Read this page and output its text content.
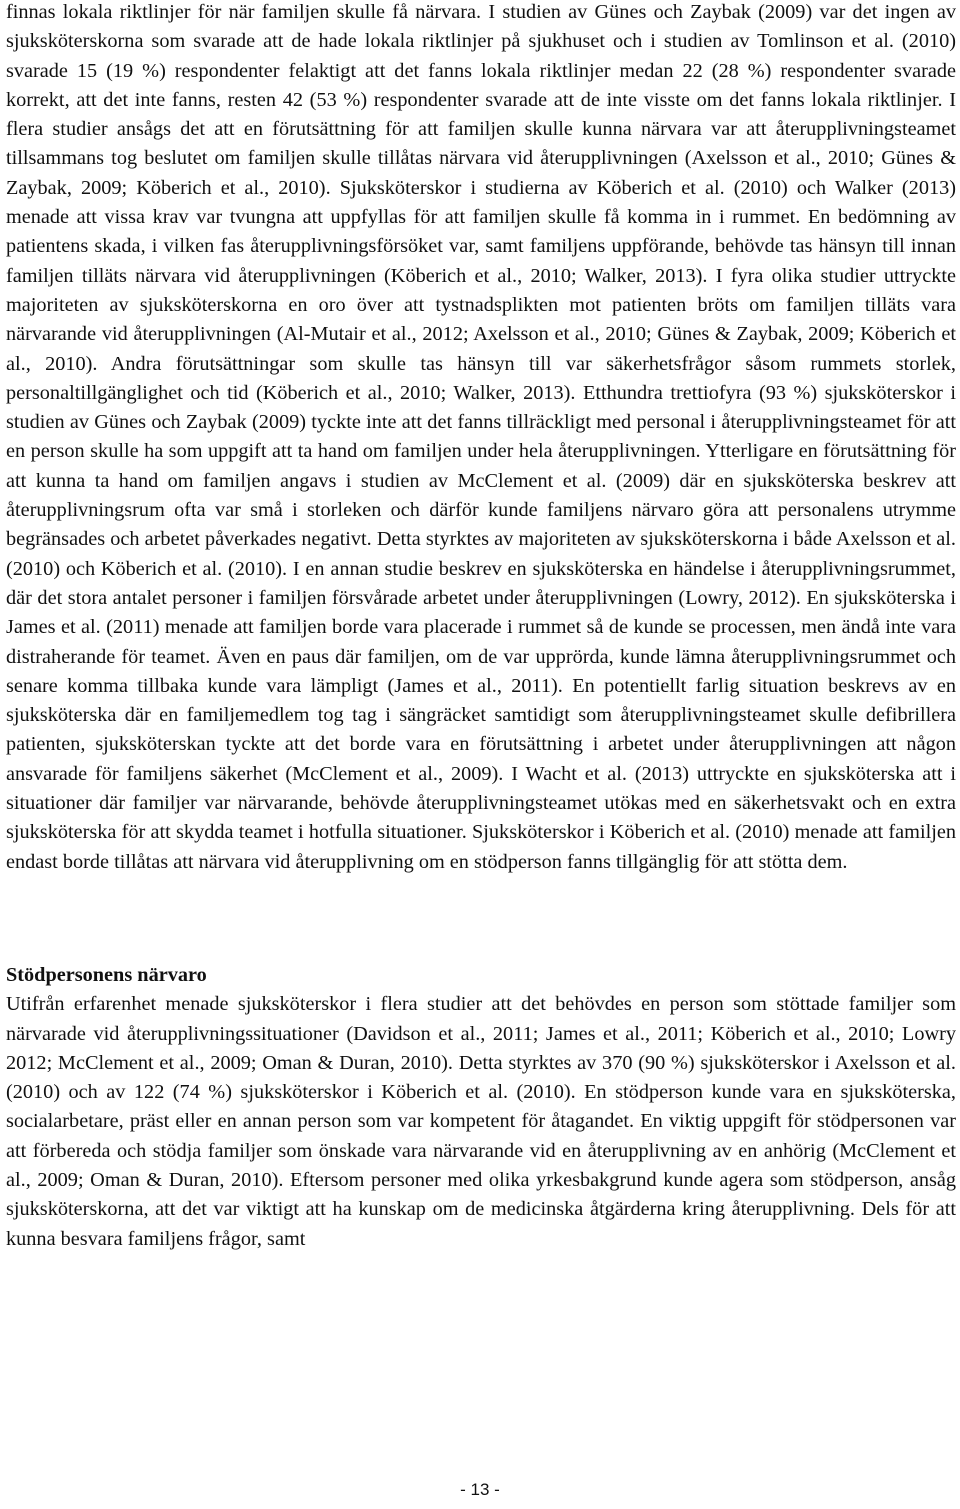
finnas lokala riktlinjer för när familjen skulle få närvara. I studien av Günes och Zaybak (2009) var det ingen av sjuksköterskorna som svarade att de hade lokala riktlinjer på sjukhuset och i studien av Tomlinson et al. (2010) svarade 15 (19 %) respondenter felaktigt att det fanns lokala riktlinjer medan 22 (28 %) respondenter svarade korrekt, att det inte fanns, resten 42 (53 %) respondenter svarade att de inte visste om det fanns lokala riktlinjer. I flera studier ansågs det att en förutsättning för att familjen skulle kunna närvara var att återupplivningsteamet tillsammans tog beslutet om familjen skulle tillåtas närvara vid återupplivningen (Axelsson et al., 2010; Günes & Zaybak, 2009; Köberich et al., 2010). Sjuksköterskor i studierna av Köberich et al. (2010) och Walker (2013) menade att vissa krav var tvungna att uppfyllas för att familjen skulle få komma in i rummet. En bedömning av patientens skada, i vilken fas återupplivningsförsöket var, samt familjens uppförande, behövde tas hänsyn till innan familjen tilläts närvara vid återupplivningen (Köberich et al., 2010; Walker, 2013). I fyra olika studier uttryckte majoriteten av sjuksköterskorna en oro över att tystnadsplikten mot patienten bröts om familjen tilläts vara närvarande vid återupplivningen (Al-Mutair et al., 2012; Axelsson et al., 2010; Günes & Zaybak, 2009; Köberich et al., 2010). Andra förutsättningar som skulle tas hänsyn till var säkerhetsfrågor såsom rummets storlek, personaltillgänglighet och tid (Köberich et al., 2010; Walker, 2013). Etthundra trettiofyra (93 %) sjuksköterskor i studien av Günes och Zaybak (2009) tyckte inte att det fanns tillräckligt med personal i återupplivningsteamet för att en person skulle ha som uppgift att ta hand om familjen under hela återupplivningen. Ytterligare en förutsättning för att kunna ta hand om familjen angavs i studien av McClement et al. (2009) där en sjuksköterska beskrev att återupplivningsrum ofta var små i storleken och därför kunde familjens närvaro göra att personalens utrymme begränsades och arbetet påverkades negativt. Detta styrktes av majoriteten av sjuksköterskorna i både Axelsson et al. (2010) och Köberich et al. (2010). I en annan studie beskrev en sjuksköterska en händelse i återupplivningsrummet, där det stora antalet personer i familjen försvårade arbetet under återupplivningen (Lowry, 2012). En sjuksköterska i James et al. (2011) menade att familjen borde vara placerade i rummet så de kunde se processen, men ändå inte vara distraherande för teamet. Även en paus där familjen, om de var upprörda, kunde lämna återupplivningsrummet och senare komma tillbaka kunde vara lämpligt (James et al., 2011). En potentiellt farlig situation beskrevs av en sjuksköterska där en familjemedlem tog tag i sängräcket samtidigt som återupplivningsteamet skulle defibrillera patienten, sjuksköterskan tyckte att det borde vara en förutsättning i arbetet under återupplivningen att någon ansvarade för familjens säkerhet (McClement et al., 2009). I Wacht et al. (2013) uttryckte en sjuksköterska att i situationer där familjer var närvarande, behövde återupplivningsteamet utökas med en säkerhetsvakt och en extra sjuksköterska för att skydda teamet i hotfulla situationer. Sjuksköterskor i Köberich et al. (2010) menade att familjen endast borde tillåtas att närvara vid återupplivning om en stödperson fanns tillgänglig för att stötta dem.

Stödpersonens närvaro

Utifrån erfarenhet menade sjuksköterskor i flera studier att det behövdes en person som stöttade familjer som närvarade vid återupplivningssituationer (Davidson et al., 2011; James et al., 2011; Köberich et al., 2010; Lowry 2012; McClement et al., 2009; Oman & Duran, 2010). Detta styrktes av 370 (90 %) sjuksköterskor i Axelsson et al. (2010) och av 122 (74 %) sjuksköterskor i Köberich et al. (2010). En stödperson kunde vara en sjuksköterska, socialarbetare, präst eller en annan person som var kompetent för åtagandet. En viktig uppgift för stödpersonen var att förbereda och stödja familjer som önskade vara närvarande vid en återupplivning av en anhörig (McClement et al., 2009; Oman & Duran, 2010). Eftersom personer med olika yrkesbakgrund kunde agera som stödperson, ansåg sjuksköterskorna, att det var viktigt att ha kunskap om de medicinska åtgärderna kring återupplivning. Dels för att kunna besvara familjens frågor, samt

- 13 -
